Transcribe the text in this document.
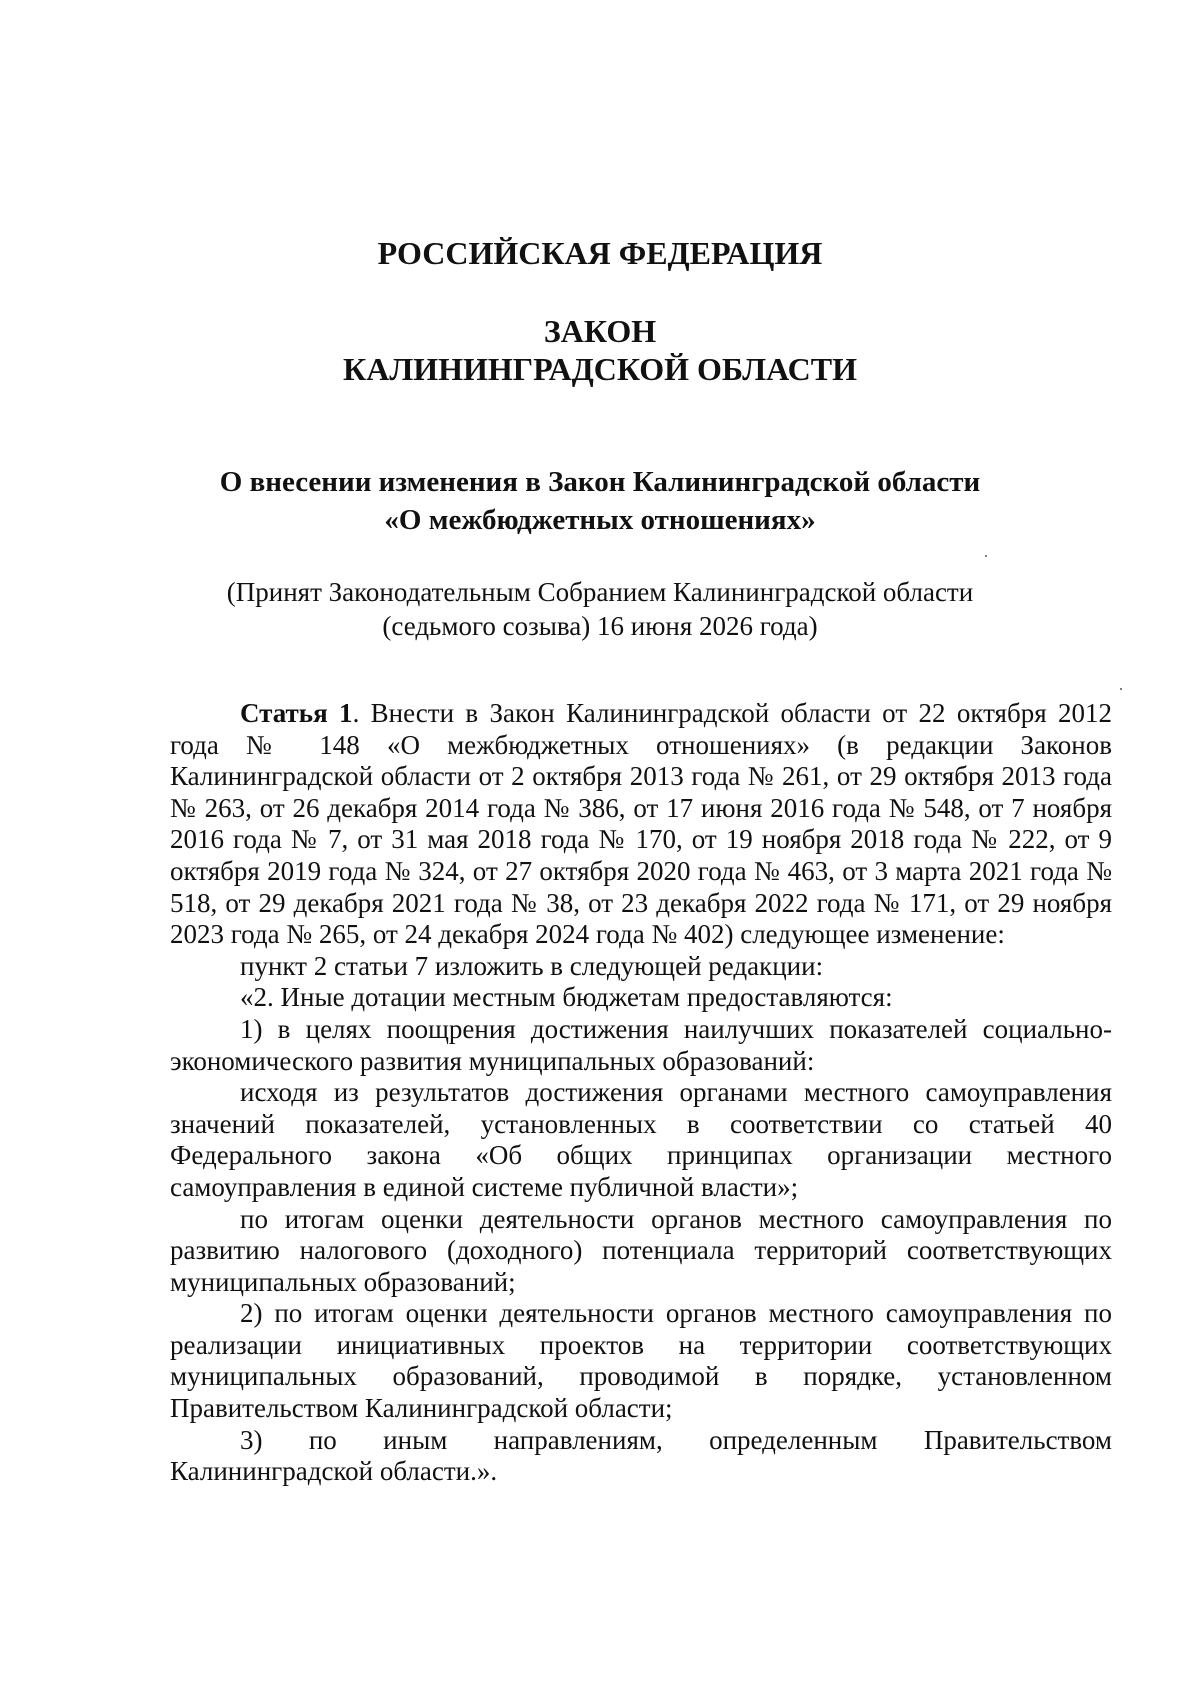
РОССИЙСКАЯ ФЕДЕРАЦИЯ
ЗАКОН
КАЛИНИНГРАДСКОЙ ОБЛАСТИ
О внесении изменения в Закон Калининградской области
«О межбюджетных отношениях»

(Принят Законодательным Собранием Калининградской области

(седьмого созыва) 16 июня 2026 года)

Статья 1. Внести в Закон Калининградской области от 22 октября 2012 года № 148 «О межбюджетных отношениях» (в редакции Законов Калининградской области от 2 октября 2013 года № 261, от 29 октября 2013 года № 263, от 26 декабря 2014 года № 386, от 17 июня 2016 года № 548, от 7 ноября 2016 года № 7, от 31 мая 2018 года № 170, от 19 ноября 2018 года № 222, от 9 октября 2019 года № 324, от 27 октября 2020 года № 463, от 3 марта 2021 года № 518, от 29 декабря 2021 года № 38, от 23 декабря 2022 года № 171, от 29 ноября 2023 года № 265, от 24 декабря 2024 года № 402) следующее изменение:

пункт 2 статьи 7 изложить в следующей редакции:

«2. Иные дотации местным бюджетам предоставляются:

1) в целях поощрения достижения наилучших показателей социально-экономического развития муниципальных образований:

исходя из результатов достижения органами местного самоуправления значений показателей, установленных в соответствии со статьей 40 Федерального закона «Об общих принципах организации местного самоуправления в единой системе публичной власти»;

по итогам оценки деятельности органов местного самоуправления по развитию налогового (доходного) потенциала территорий соответствующих муниципальных образований;

2) по итогам оценки деятельности органов местного самоуправления по реализации инициативных проектов на территории соответствующих муниципальных образований, проводимой в порядке, установленном Правительством Калининградской области;

3) по иным направлениям, определенным Правительством Калининградской области.».
